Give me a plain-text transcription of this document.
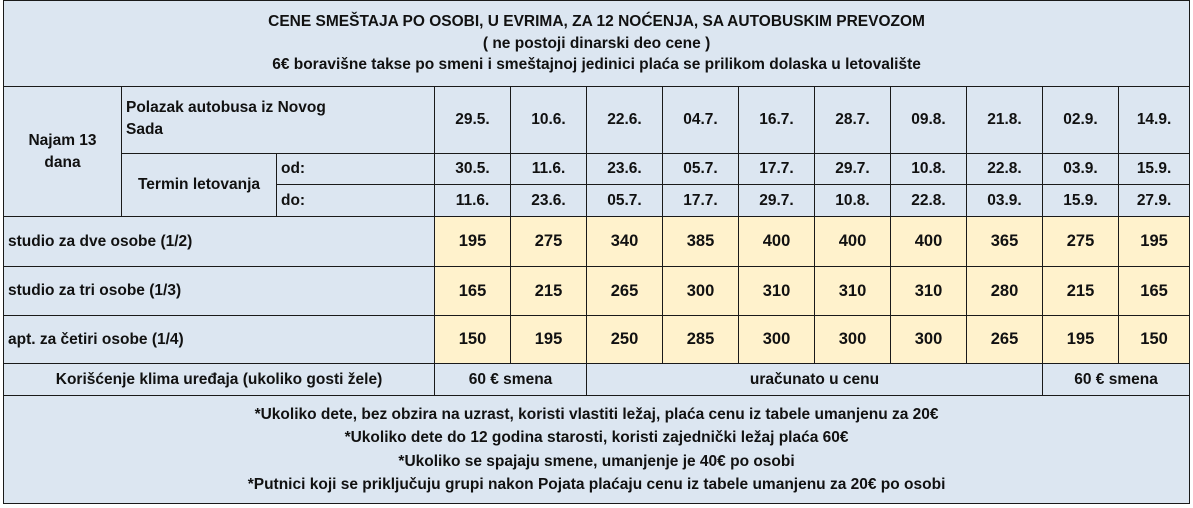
CENE SMEŠTAJA PO OSOBI, U EVRIMA, ZA 12 NOĆENJA, SA AUTOBUSKIM PREVOZOM
( ne postoji dinarski deo cene )
6€ boravišne takse po smeni i smeštajnoj jedinici plaća se prilikom dolaska u letovalište												

Najam 13 dana	Polazak autobusa iz Novog Sada		29.5.	10.6.	22.6.	04.7.	16.7.	28.7.	09.8.	21.8.	02.9.	14.9.
	Termin letovanja	od:	30.5.	11.6.	23.6.	05.7.	17.7.	29.7.	10.8.	22.8.	03.9.	15.9.
		do:	11.6.	23.6.	05.7.	17.7.	29.7.	10.8.	22.8.	03.9.	15.9.	27.9.
studio za dve osobe (1/2)			195	275	340	385	400	400	400	365	275	195
studio za tri osobe (1/3)			165	215	265	300	310	310	310	280	215	165
apt. za četiri osobe (1/4)			150	195	250	285	300	300	300	265	195	150
Korišćenje klima uređaja (ukoliko gosti žele)			60 € smena		uračunato u cenu						60 € smena	

*Ukoliko dete, bez obzira na uzrast, koristi vlastiti ležaj, plaća cenu iz tabele umanjenu za 20€
*Ukoliko dete do 12 godina starosti, koristi zajednički ležaj plaća 60€
*Ukoliko se spajaju smene, umanjenje je 40€ po osobi
*Putnici koji se priključuju grupi nakon Pojata plaćaju cenu iz tabele umanjenu za 20€ po osobi												
